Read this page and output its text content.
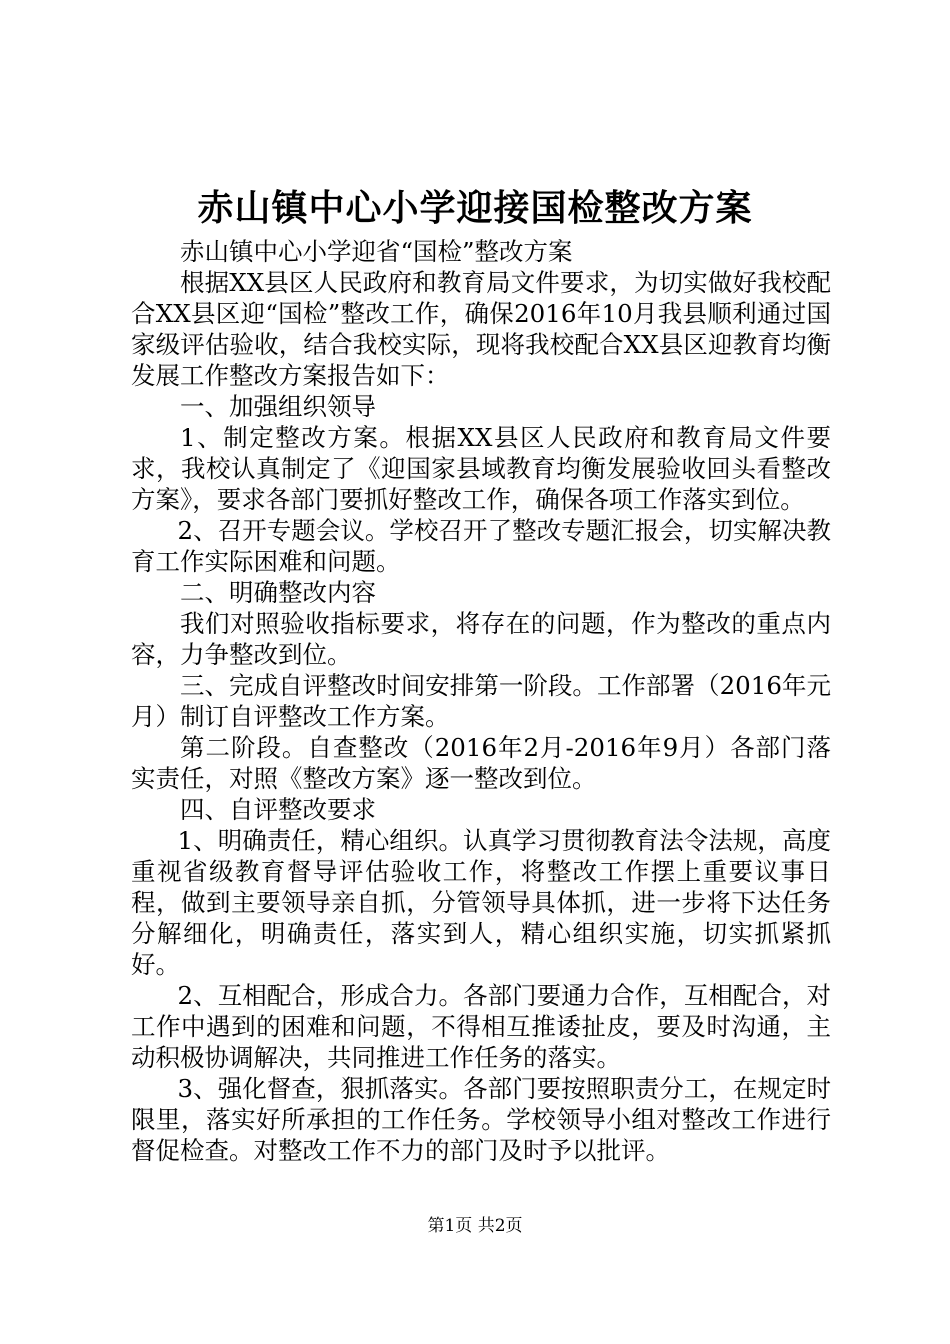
赤山镇中心小学迎接国检整改方案

赤山镇中心小学迎省“国检”整改方案

根据XX县区人民政府和教育局文件要求，为切实做好我校配合XX县区迎“国检”整改工作，确保2016年10月我县顺利通过国家级评估验收，结合我校实际，现将我校配合XX县区迎教育均衡发展工作整改方案报告如下：

一、加强组织领导

1、制定整改方案。根据XX县区人民政府和教育局文件要求，我校认真制定了《迎国家县域教育均衡发展验收回头看整改方案》，要求各部门要抓好整改工作，确保各项工作落实到位。

2、召开专题会议。学校召开了整改专题汇报会，切实解决教育工作实际困难和问题。

二、明确整改内容

我们对照验收指标要求，将存在的问题，作为整改的重点内容，力争整改到位。

三、完成自评整改时间安排第一阶段。工作部署（2016年元月）制订自评整改工作方案。

第二阶段。自查整改（2016年2月-2016年9月）各部门落实责任，对照《整改方案》逐一整改到位。

四、自评整改要求

1、明确责任，精心组织。认真学习贯彻教育法令法规，高度重视省级教育督导评估验收工作，将整改工作摆上重要议事日程，做到主要领导亲自抓，分管领导具体抓，进一步将下达任务分解细化，明确责任，落实到人，精心组织实施，切实抓紧抓好。

2、互相配合，形成合力。各部门要通力合作，互相配合，对工作中遇到的困难和问题，不得相互推诿扯皮，要及时沟通，主动积极协调解决，共同推进工作任务的落实。

3、强化督查，狠抓落实。各部门要按照职责分工，在规定时限里，落实好所承担的工作任务。学校领导小组对整改工作进行督促检查。对整改工作不力的部门及时予以批评。

第1页 共2页
